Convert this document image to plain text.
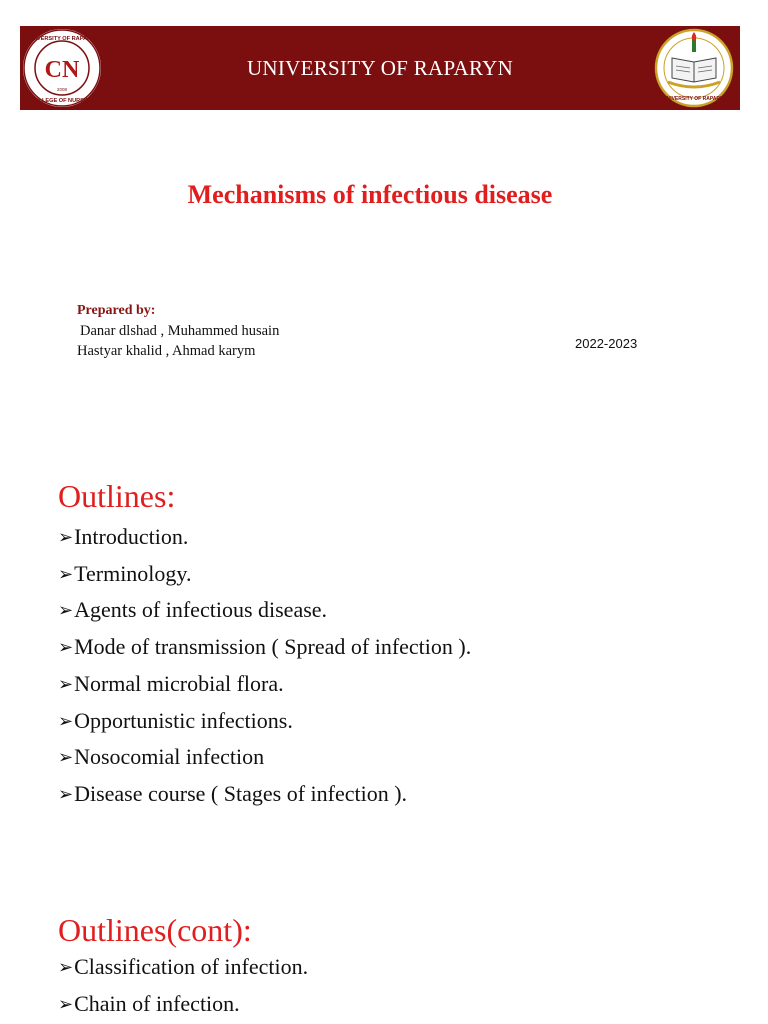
CN
UNIVERSITY OF RAPARIN
COLLEGE OF NURSING
2008
UNIVERSITY OF RAPARYN
UNIVERSITY OF RAPARIN
Mechanisms of infectious disease
Prepared by:
Danar dlshad , Muhammed husain
Hastyar khalid , Ahmad karym	2022-2023
Outlines:
➢Introduction.
➢Terminology.
➢Agents of infectious disease.
➢Mode of transmission ( Spread of infection ).
➢Normal microbial flora.
➢Opportunistic infections.
➢Nosocomial infection
➢Disease course ( Stages of infection ).
Outlines(cont):
➢Classification of infection.
➢Chain of infection.
